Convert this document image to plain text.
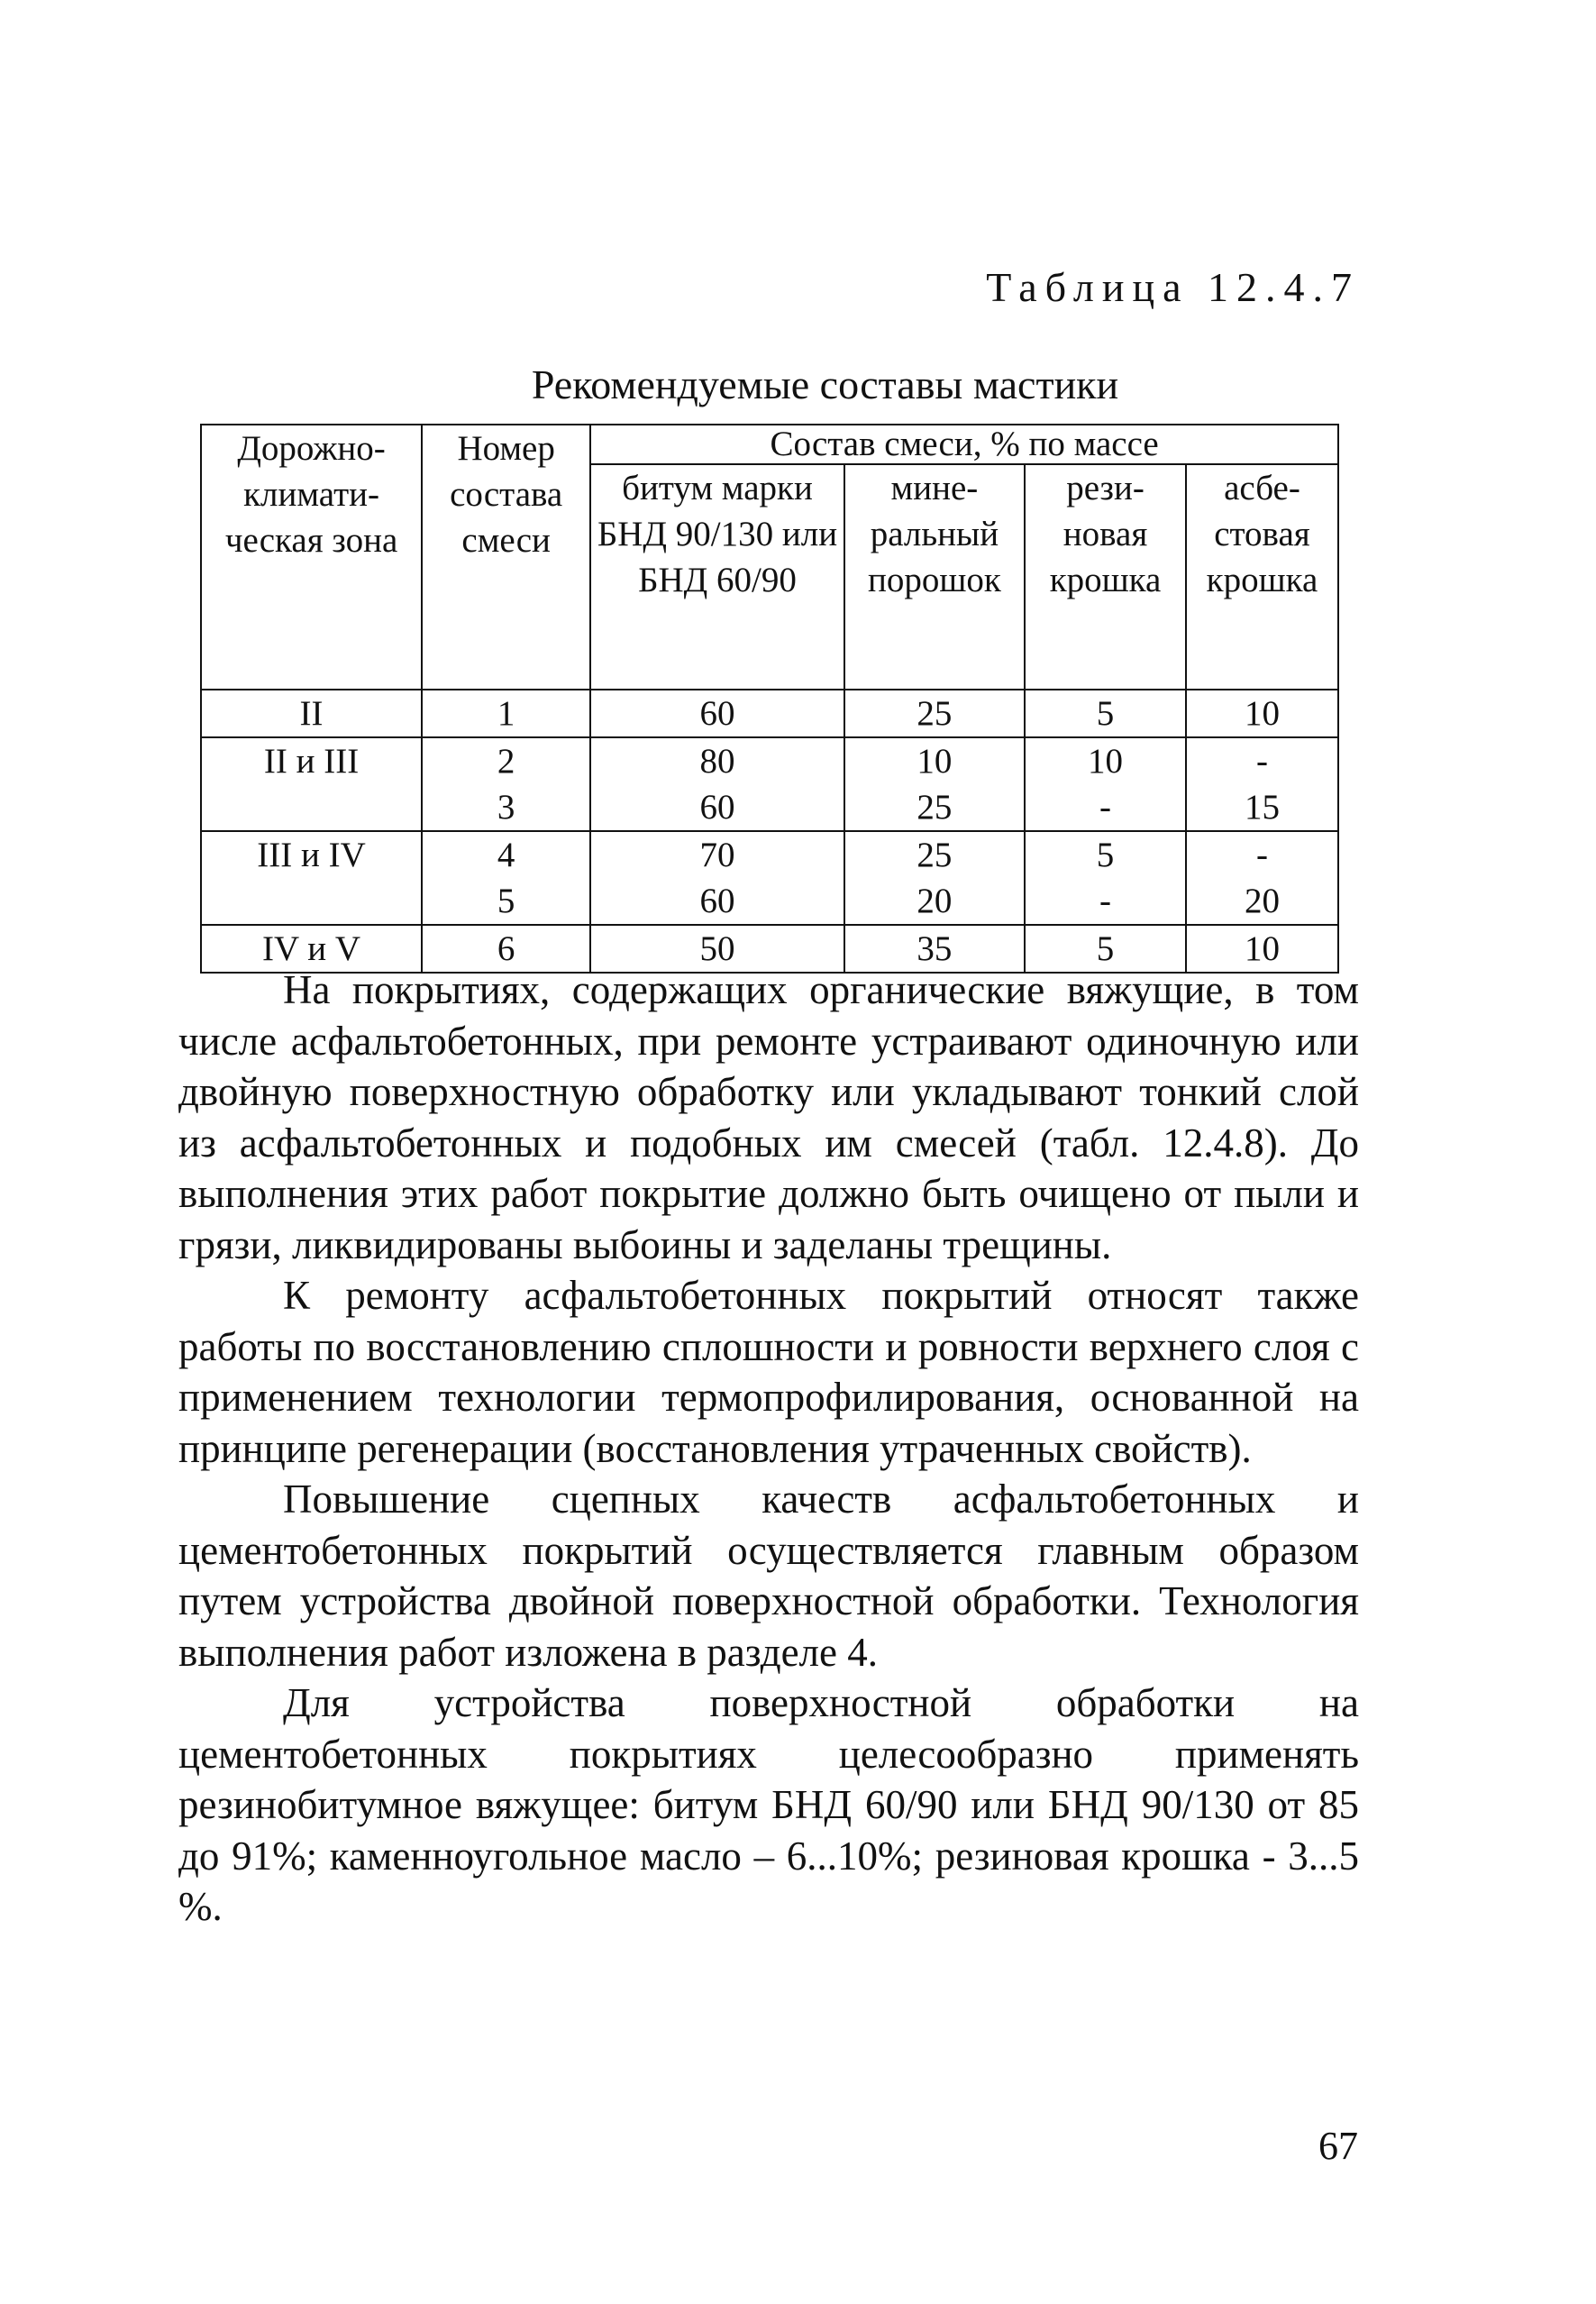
Таблица 12.4.7
Рекомендуемые составы мастики
Дорожно-климати-ческая зона	Номер состава смеси	Состав смеси, % по массе			
		битум марки БНД 90/130 или БНД 60/90	мине-ральный порошок	рези-новая крошка	асбе-стовая крошка
II	1	60	25	5	10
II и III	2	80	10	10	-
	3	60	25	-	15
III и IV	4	70	25	5	-
	5	60	20	-	20
IV и V	6	50	35	5	10

На покрытиях, содержащих органические вяжущие, в том числе асфальтобетонных, при ремонте устраивают одиночную или двойную поверхностную обработку или укладывают тонкий слой из асфальтобетонных и подобных им смесей (табл. 12.4.8). До выполнения этих работ покрытие должно быть очищено от пыли и грязи, ликвидированы выбоины и заделаны трещины.

К ремонту асфальтобетонных покрытий относят также работы по восстановлению сплошности и ровности верхнего слоя с применением технологии термопрофилирования, основанной на принципе регенерации (восстановления утраченных свойств).

Повышение сцепных качеств асфальтобетонных и цементобетонных покрытий осуществляется главным образом путем устройства двойной поверхностной обработки. Технология выполнения работ изложена в разделе 4.

Для устройства поверхностной обработки на цементобетонных покрытиях целесообразно применять резинобитумное вяжущее: битум БНД 60/90 или БНД 90/130 от 85 до 91%; каменноугольное масло – 6...10%; резиновая крошка - 3...5 %.

67
